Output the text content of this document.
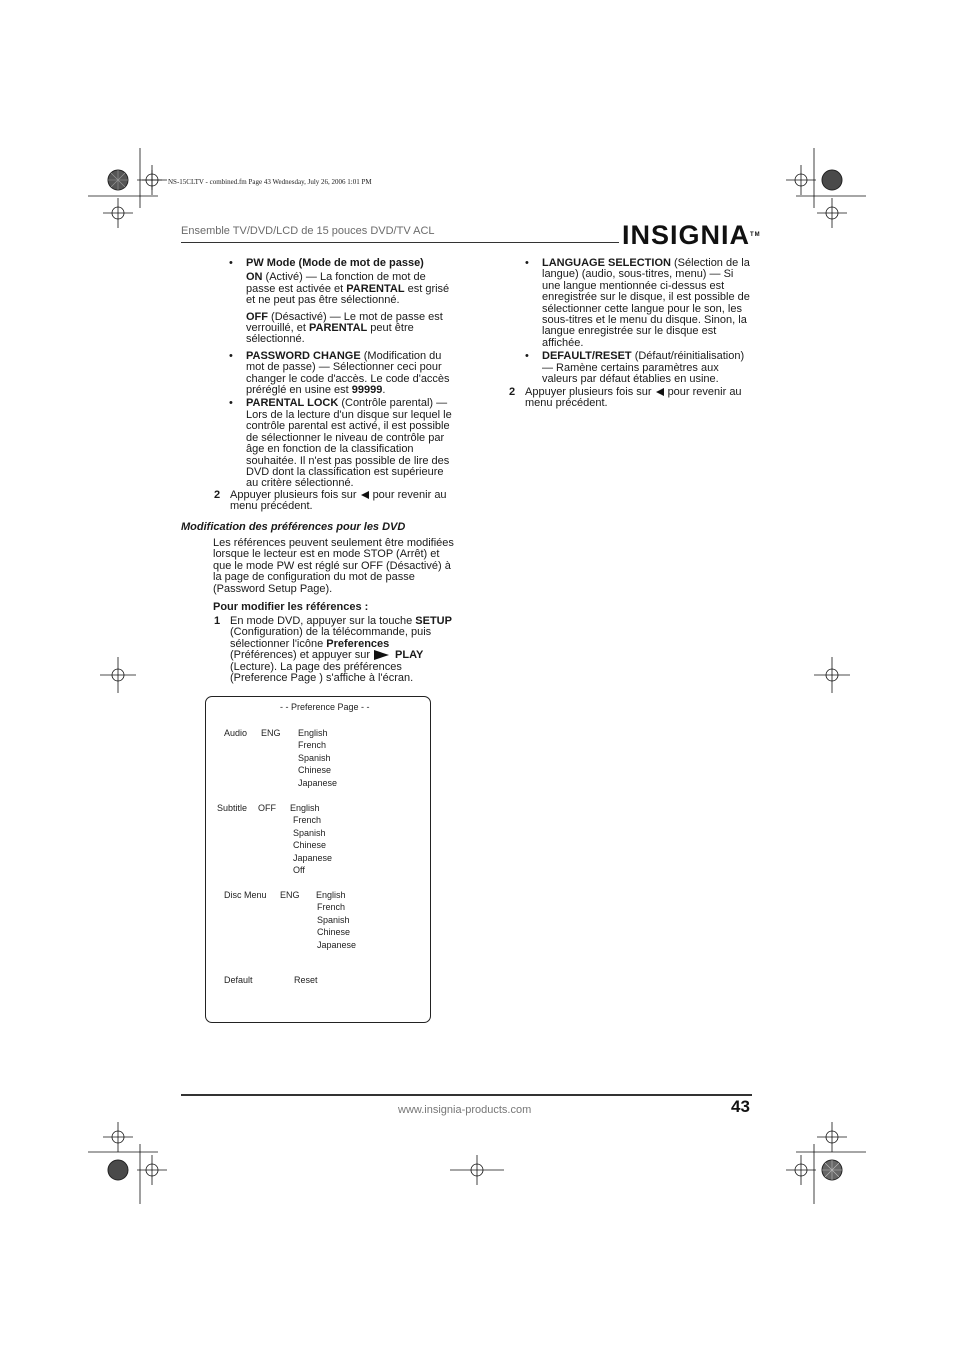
NS-15CLTV - combined.fm Page 43 Wednesday, July 26, 2006 1:01 PM
Ensemble TV/DVD/LCD de 15 pouces DVD/TV ACL	INSIGNIA™
• PW Mode (Mode de mot de passe)

ON (Activé) — La fonction de mot de passe est activée et PARENTAL est grisé et ne peut pas être sélectionné.

OFF (Désactivé) — Le mot de passe est verrouillé, et PARENTAL peut être sélectionné.

• PASSWORD CHANGE (Modification du mot de passe) — Sélectionner ceci pour changer le code d'accès. Le code d'accès préréglé en usine est 99999.

• PARENTAL LOCK (Contrôle parental) — Lors de la lecture d'un disque sur lequel le contrôle parental est activé, il est possible de sélectionner le niveau de contrôle par âge en fonction de la classification souhaitée. Il n'est pas possible de lire des DVD dont la classification est supérieure au critère sélectionné.

2 Appuyer plusieurs fois sur pour revenir au menu précédent.

Modification des préférences pour les DVD
Les références peuvent seulement être modifiées lorsque le lecteur est en mode STOP (Arrêt) et que le mode PW est réglé sur OFF (Désactivé) à la page de configuration du mot de passe (Password Setup Page).
Pour modifier les références :
1 En mode DVD, appuyer sur la touche SETUP (Configuration) de la télécommande, puis sélectionner l'icône Preferences (Préférences) et appuyer sur PLAY (Lecture). La page des préférences (Preference Page ) s'affiche à l'écran.

- - Preference Page - -
Audio ENG English
French
Spanish
Chinese
Japanese
Subtitle OFF English
French
Spanish
Chinese
Japanese
Off
Disc Menu ENG English
French
Spanish
Chinese
Japanese
Default	Reset
• LANGUAGE SELECTION (Sélection de la langue) (audio, sous-titres, menu) — Si une langue mentionnée ci-dessus est enregistrée sur le disque, il est possible de sélectionner cette langue pour le son, les sous-titres et le menu du disque. Sinon, la langue enregistrée sur le disque est affichée.

• DEFAULT/RESET (Défaut/réinitialisation) — Ramène certains paramètres aux valeurs par défaut établies en usine.

2 Appuyer plusieurs fois sur pour revenir au menu précédent.

www.insignia-products.com	43
